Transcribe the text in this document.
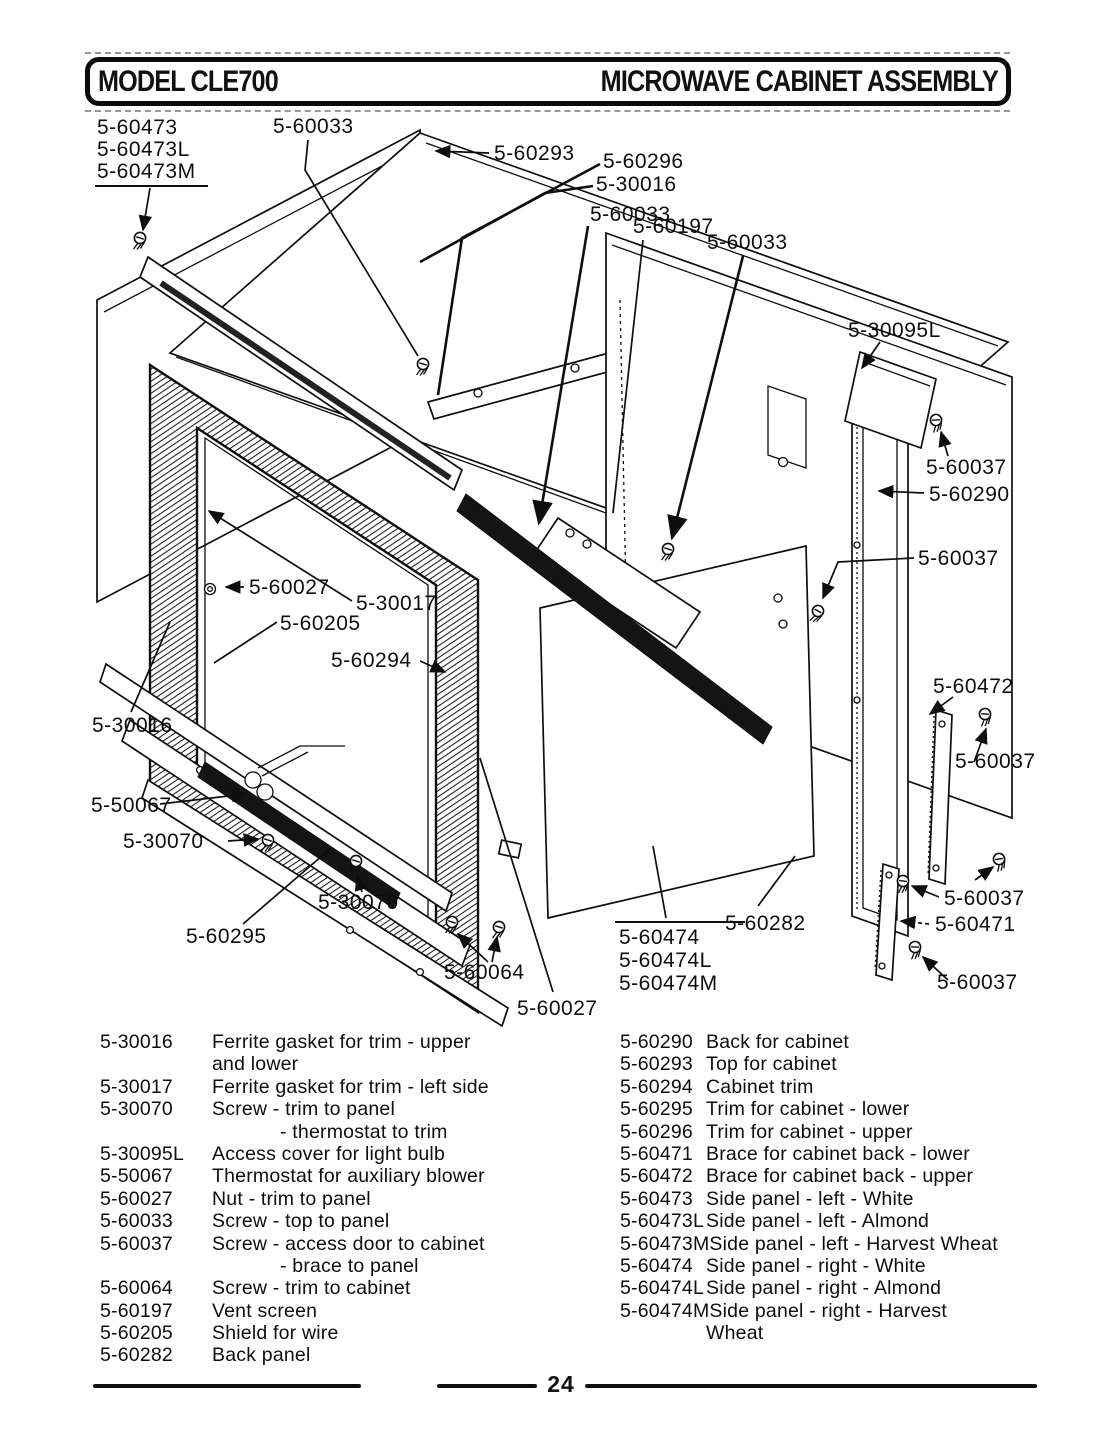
MODEL CLE700	MICROWAVE CABINET ASSEMBLY
5-60473
5-60473L
5-60473M
5-60033
5-60293 5-60296
5-30016
5-60033
5-60197
5-60033
5-30095L
5-60037
5-60290
5-60037
5-60027
5-30017
5-60205
5-60294
5-30016
5-50067
5-30070
5-30070
5-60295
5-60064
5-60027
5-60474
5-60474L
5-60474M
5-60282
5-60037
5-60471
5-60037
5-60472
5-60037
5-30016	Ferrite gasket for trim - upper
and lower
5-30017	Ferrite gasket for trim - left side
5-30070	Screw - trim to panel
- thermostat to trim
5-30095L	Access cover for light bulb
5-50067	Thermostat for auxiliary blower
5-60027	Nut - trim to panel
5-60033	Screw - top to panel
5-60037	Screw - access door to cabinet
- brace to panel
5-60064	Screw - trim to cabinet
5-60197	Vent screen
5-60205	Shield for wire
5-60282	Back panel
5-60290 Back for cabinet
5-60293 Top for cabinet
5-60294 Cabinet trim
5-60295 Trim for cabinet - lower
5-60296 Trim for cabinet - upper
5-60471 Brace for cabinet back - lower
5-60472 Brace for cabinet back - upper
5-60473 Side panel - left - White
5-60473L Side panel - left - Almond
5-60473M Side panel - left - Harvest Wheat
5-60474 Side panel - right - White
5-60474L Side panel - right - Almond
5-60474M Side panel - right - Harvest
Wheat
24
